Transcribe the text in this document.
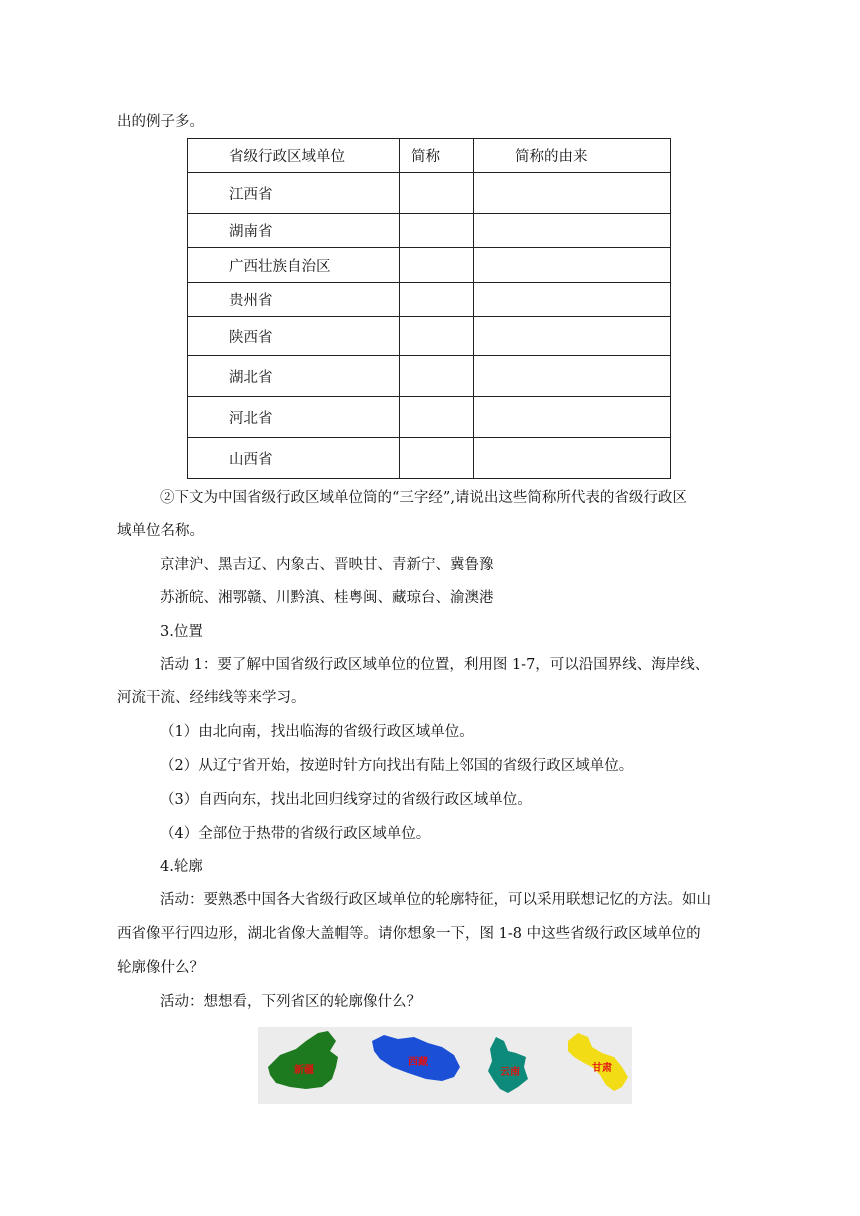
出的例子多。
省级行政区域单位	简称	简称的由来
江西省		
湖南省		
广西壮族自治区		
贵州省		
陕西省		
湖北省		
河北省		
山西省		
②下文为中国省级行政区域单位筒的“三字经”,请说出这些简称所代表的省级行政区
域单位名称。
京津沪、黑吉辽、内象古、晋映甘、青新宁、冀鲁豫
苏浙皖、湘鄂赣、川黔滇、桂粤闽、藏琼台、渝澳港
3.位置
活动 1：要了解中国省级行政区域单位的位置，利用图 1-7，可以沿国界线、海岸线、
河流干流、经纬线等来学习。
（1）由北向南，找出临海的省级行政区域单位。
（2）从辽宁省开始，按逆时针方向找出有陆上邻国的省级行政区域单位。
（3）自西向东，找出北回归线穿过的省级行政区域单位。
（4）全部位于热带的省级行政区域单位。
4.轮廓
活动：要熟悉中国各大省级行政区域单位的轮廓特征，可以采用联想记忆的方法。如山
西省像平行四边形，湖北省像大盖帽等。请你想象一下，图 1-8 中这些省级行政区域单位的
轮廓像什么？
活动：想想看，下列省区的轮廓像什么？
新疆
西藏
云南	甘肃
